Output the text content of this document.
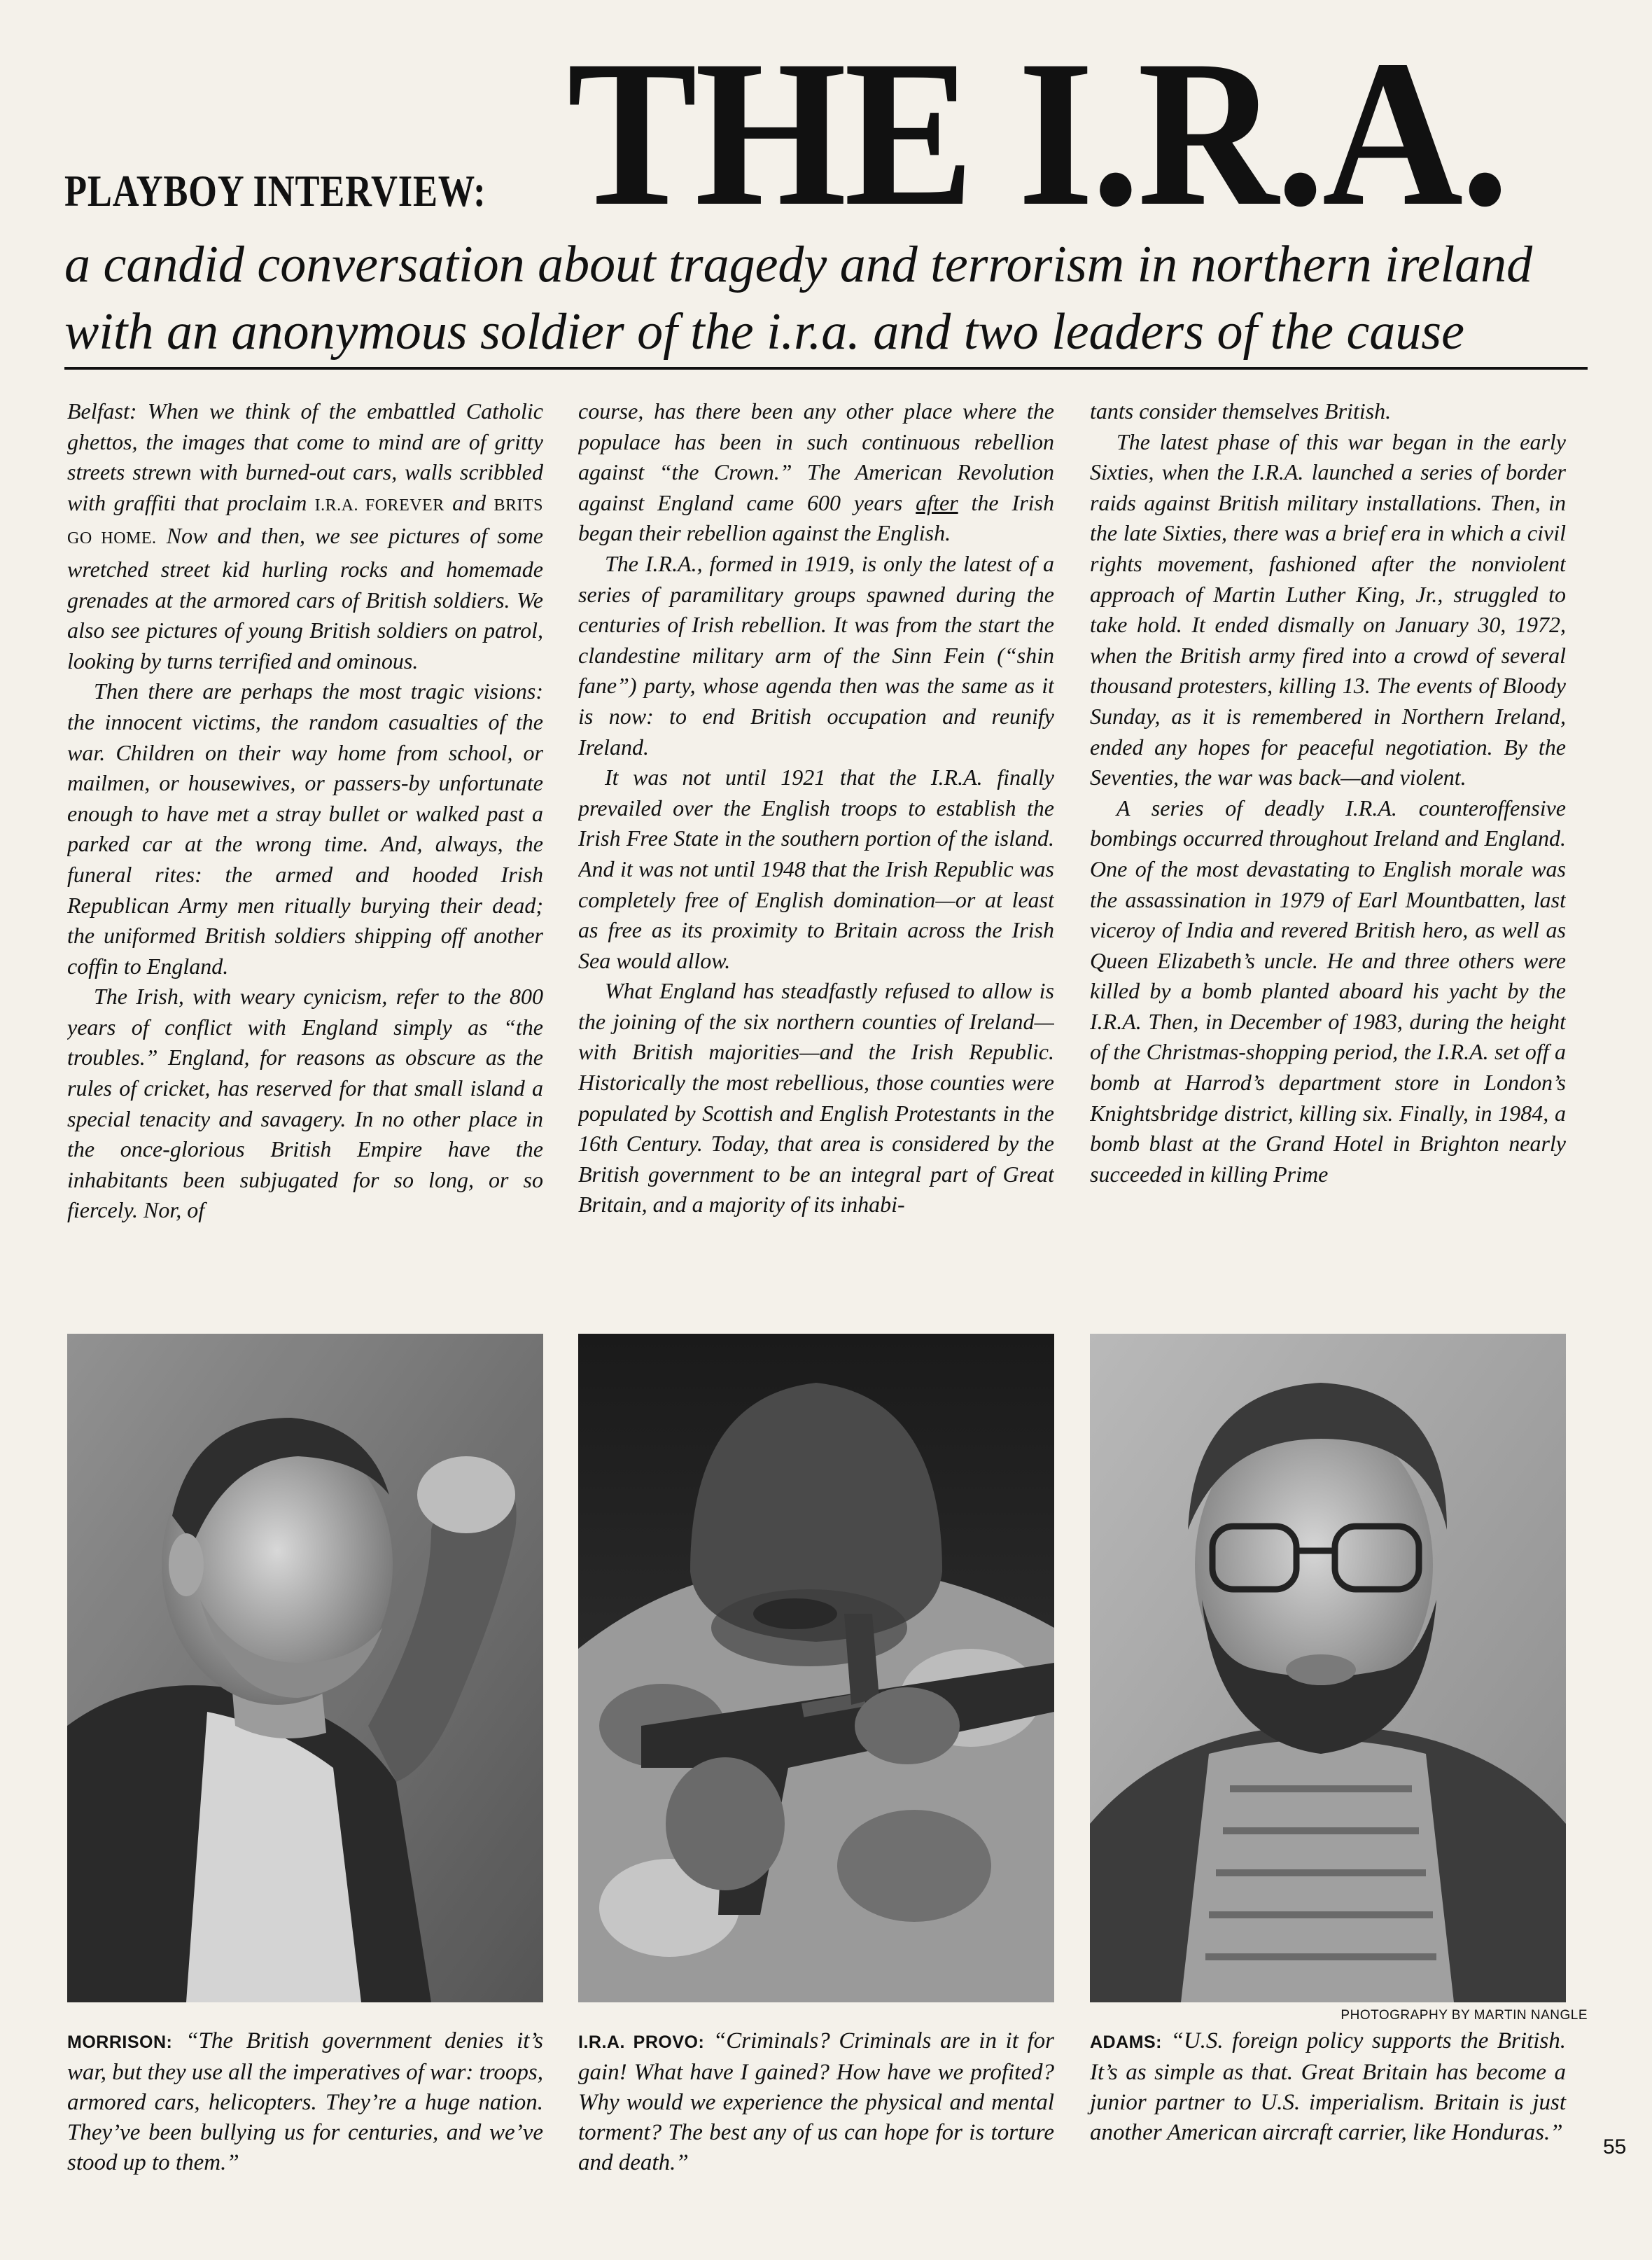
PLAYBOY INTERVIEW: THE I.R.A.
a candid conversation about tragedy and terrorism in northern ireland
with an anonymous soldier of the i.r.a. and two leaders of the cause

Belfast: When we think of the embattled Catholic ghettos, the images that come to mind are of gritty streets strewn with burned-out cars, walls scribbled with graffiti that proclaim I.R.A. FOREVER and BRITS GO HOME. Now and then, we see pictures of some wretched street kid hurling rocks and homemade grenades at the armored cars of British soldiers. We also see pictures of young British soldiers on patrol, looking by turns terrified and ominous.

Then there are perhaps the most tragic visions: the innocent victims, the random casualties of the war. Children on their way home from school, or mailmen, or housewives, or passers-by unfortunate enough to have met a stray bullet or walked past a parked car at the wrong time. And, always, the funeral rites: the armed and hooded Irish Republican Army men ritually burying their dead; the uniformed British soldiers shipping off another coffin to England.

The Irish, with weary cynicism, refer to the 800 years of conflict with England simply as “the troubles.” England, for reasons as obscure as the rules of cricket, has reserved for that small island a special tenacity and savagery. In no other place in the once-glorious British Empire have the inhabitants been subjugated for so long, or so fiercely. Nor, of

course, has there been any other place where the populace has been in such continuous rebellion against “the Crown.” The American Revolution against England came 600 years after the Irish began their rebellion against the English.

The I.R.A., formed in 1919, is only the latest of a series of paramilitary groups spawned during the centuries of Irish rebellion. It was from the start the clandestine military arm of the Sinn Fein (“shin fane”) party, whose agenda then was the same as it is now: to end British occupation and reunify Ireland.

It was not until 1921 that the I.R.A. finally prevailed over the English troops to establish the Irish Free State in the southern portion of the island. And it was not until 1948 that the Irish Republic was completely free of English domination—or at least as free as its proximity to Britain across the Irish Sea would allow.

What England has steadfastly refused to allow is the joining of the six northern counties of Ireland—with British majorities—and the Irish Republic. Historically the most rebellious, those counties were populated by Scottish and English Protestants in the 16th Century. Today, that area is considered by the British government to be an integral part of Great Britain, and a majority of its inhabi-

tants consider themselves British.

The latest phase of this war began in the early Sixties, when the I.R.A. launched a series of border raids against British military installations. Then, in the late Sixties, there was a brief era in which a civil rights movement, fashioned after the nonviolent approach of Martin Luther King, Jr., struggled to take hold. It ended dismally on January 30, 1972, when the British army fired into a crowd of several thousand protesters, killing 13. The events of Bloody Sunday, as it is remembered in Northern Ireland, ended any hopes for peaceful negotiation. By the Seventies, the war was back—and violent.

A series of deadly I.R.A. counteroffensive bombings occurred throughout Ireland and England. One of the most devastating to English morale was the assassination in 1979 of Earl Mountbatten, last viceroy of India and revered British hero, as well as Queen Elizabeth’s uncle. He and three others were killed by a bomb planted aboard his yacht by the I.R.A. Then, in December of 1983, during the height of the Christmas-shopping period, the I.R.A. set off a bomb at Harrod’s department store in London’s Knightsbridge district, killing six. Finally, in 1984, a bomb blast at the Grand Hotel in Brighton nearly succeeded in killing Prime

PHOTOGRAPHY BY MARTIN NANGLE
MORRISON: “The British government denies it’s war, but they use all the imperatives of war: troops, armored cars, helicopters. They’re a huge nation. They’ve been bullying us for centuries, and we’ve stood up to them.”
I.R.A. PROVO: “Criminals? Criminals are in it for gain! What have I gained? How have we profited? Why would we experience the physical and mental torment? The best any of us can hope for is torture and death.”
ADAMS: “U.S. foreign policy supports the British. It’s as simple as that. Great Britain has become a junior partner to U.S. imperialism. Britain is just another American aircraft carrier, like Honduras.”
55
